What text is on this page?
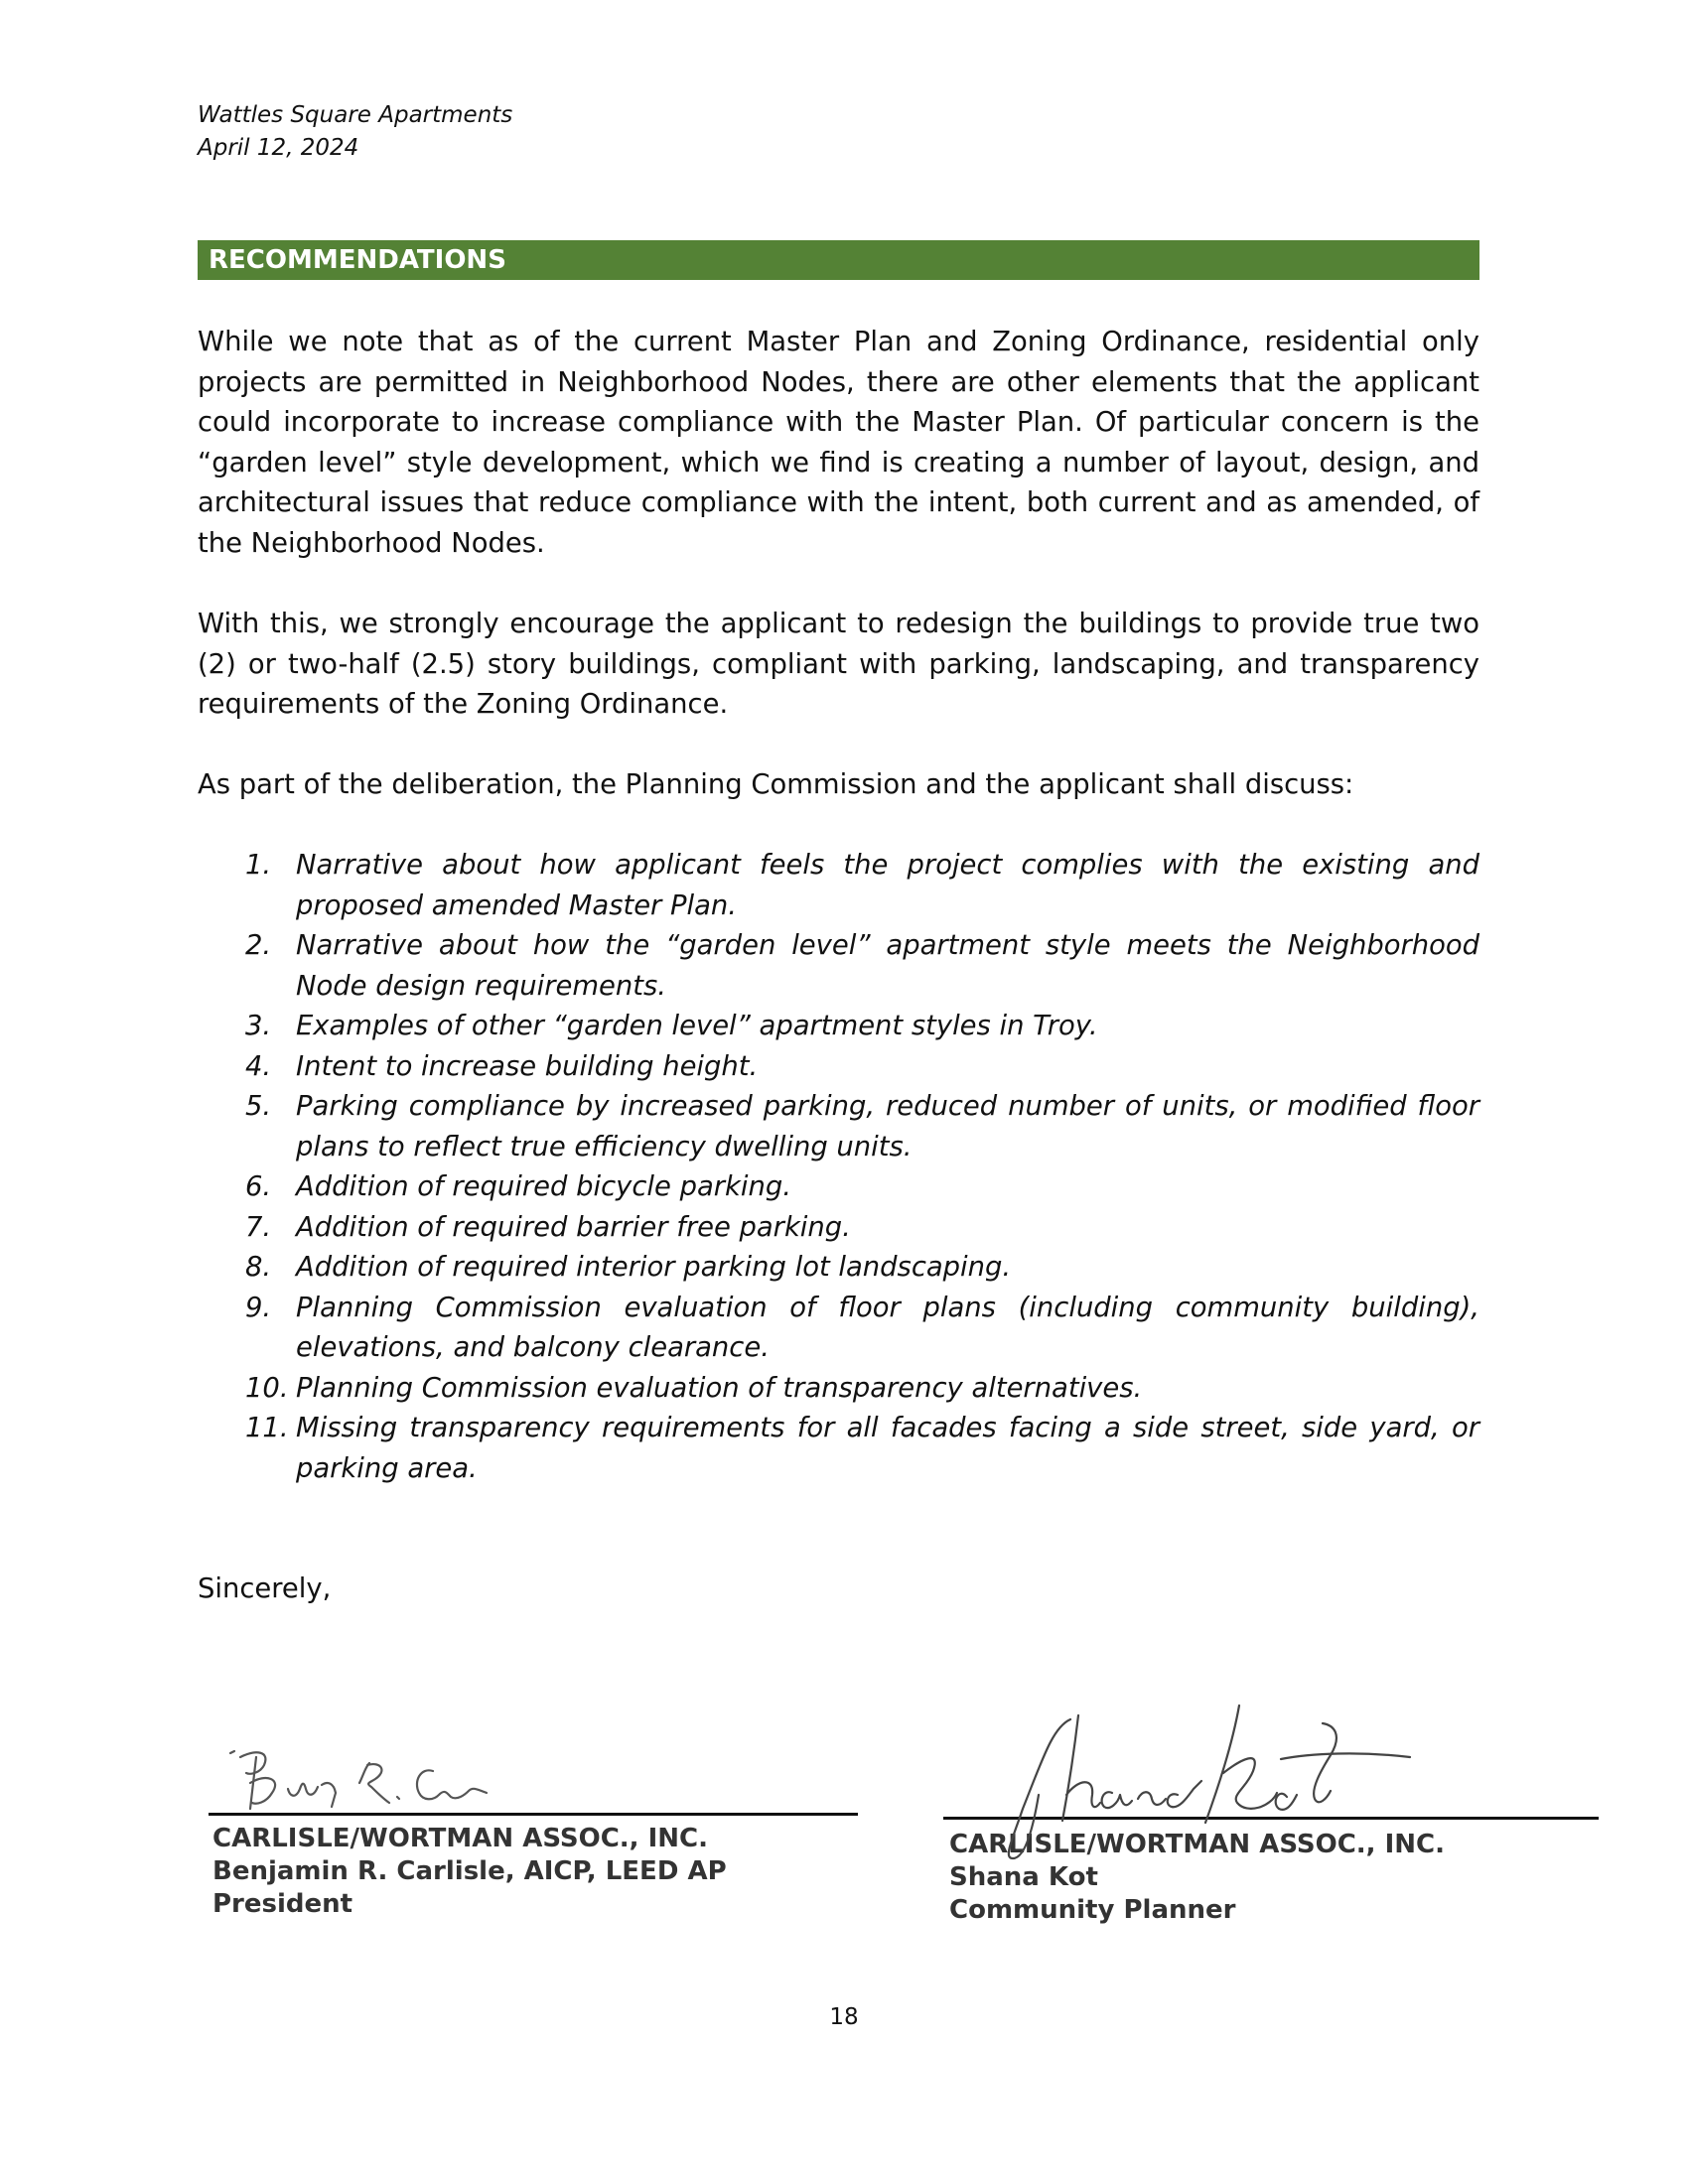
Wattles Square Apartments
April 12, 2024
RECOMMENDATIONS

While we note that as of the current Master Plan and Zoning Ordinance, residential only projects are permitted in Neighborhood Nodes, there are other elements that the applicant could incorporate to increase compliance with the Master Plan. Of particular concern is the “garden level” style development, which we find is creating a number of layout, design, and architectural issues that reduce compliance with the intent, both current and as amended, of the Neighborhood Nodes.

With this, we strongly encourage the applicant to redesign the buildings to provide true two (2) or two-half (2.5) story buildings, compliant with parking, landscaping, and transparency requirements of the Zoning Ordinance.

As part of the deliberation, the Planning Commission and the applicant shall discuss:

1. Narrative about how applicant feels the project complies with the existing and proposed amended Master Plan.
2. Narrative about how the “garden level” apartment style meets the Neighborhood Node design requirements.
3. Examples of other “garden level” apartment styles in Troy.
4. Intent to increase building height.
5. Parking compliance by increased parking, reduced number of units, or modified floor plans to reflect true efficiency dwelling units.
6. Addition of required bicycle parking.
7. Addition of required barrier free parking.
8. Addition of required interior parking lot landscaping.
9. Planning Commission evaluation of floor plans (including community building), elevations, and balcony clearance.
10. Planning Commission evaluation of transparency alternatives.
11. Missing transparency requirements for all facades facing a side street, side yard, or parking area.
Sincerely,
CARLISLE/WORTMAN ASSOC., INC.
Benjamin R. Carlisle, AICP, LEED AP
President
CARLISLE/WORTMAN ASSOC., INC.
Shana Kot
Community Planner
18
